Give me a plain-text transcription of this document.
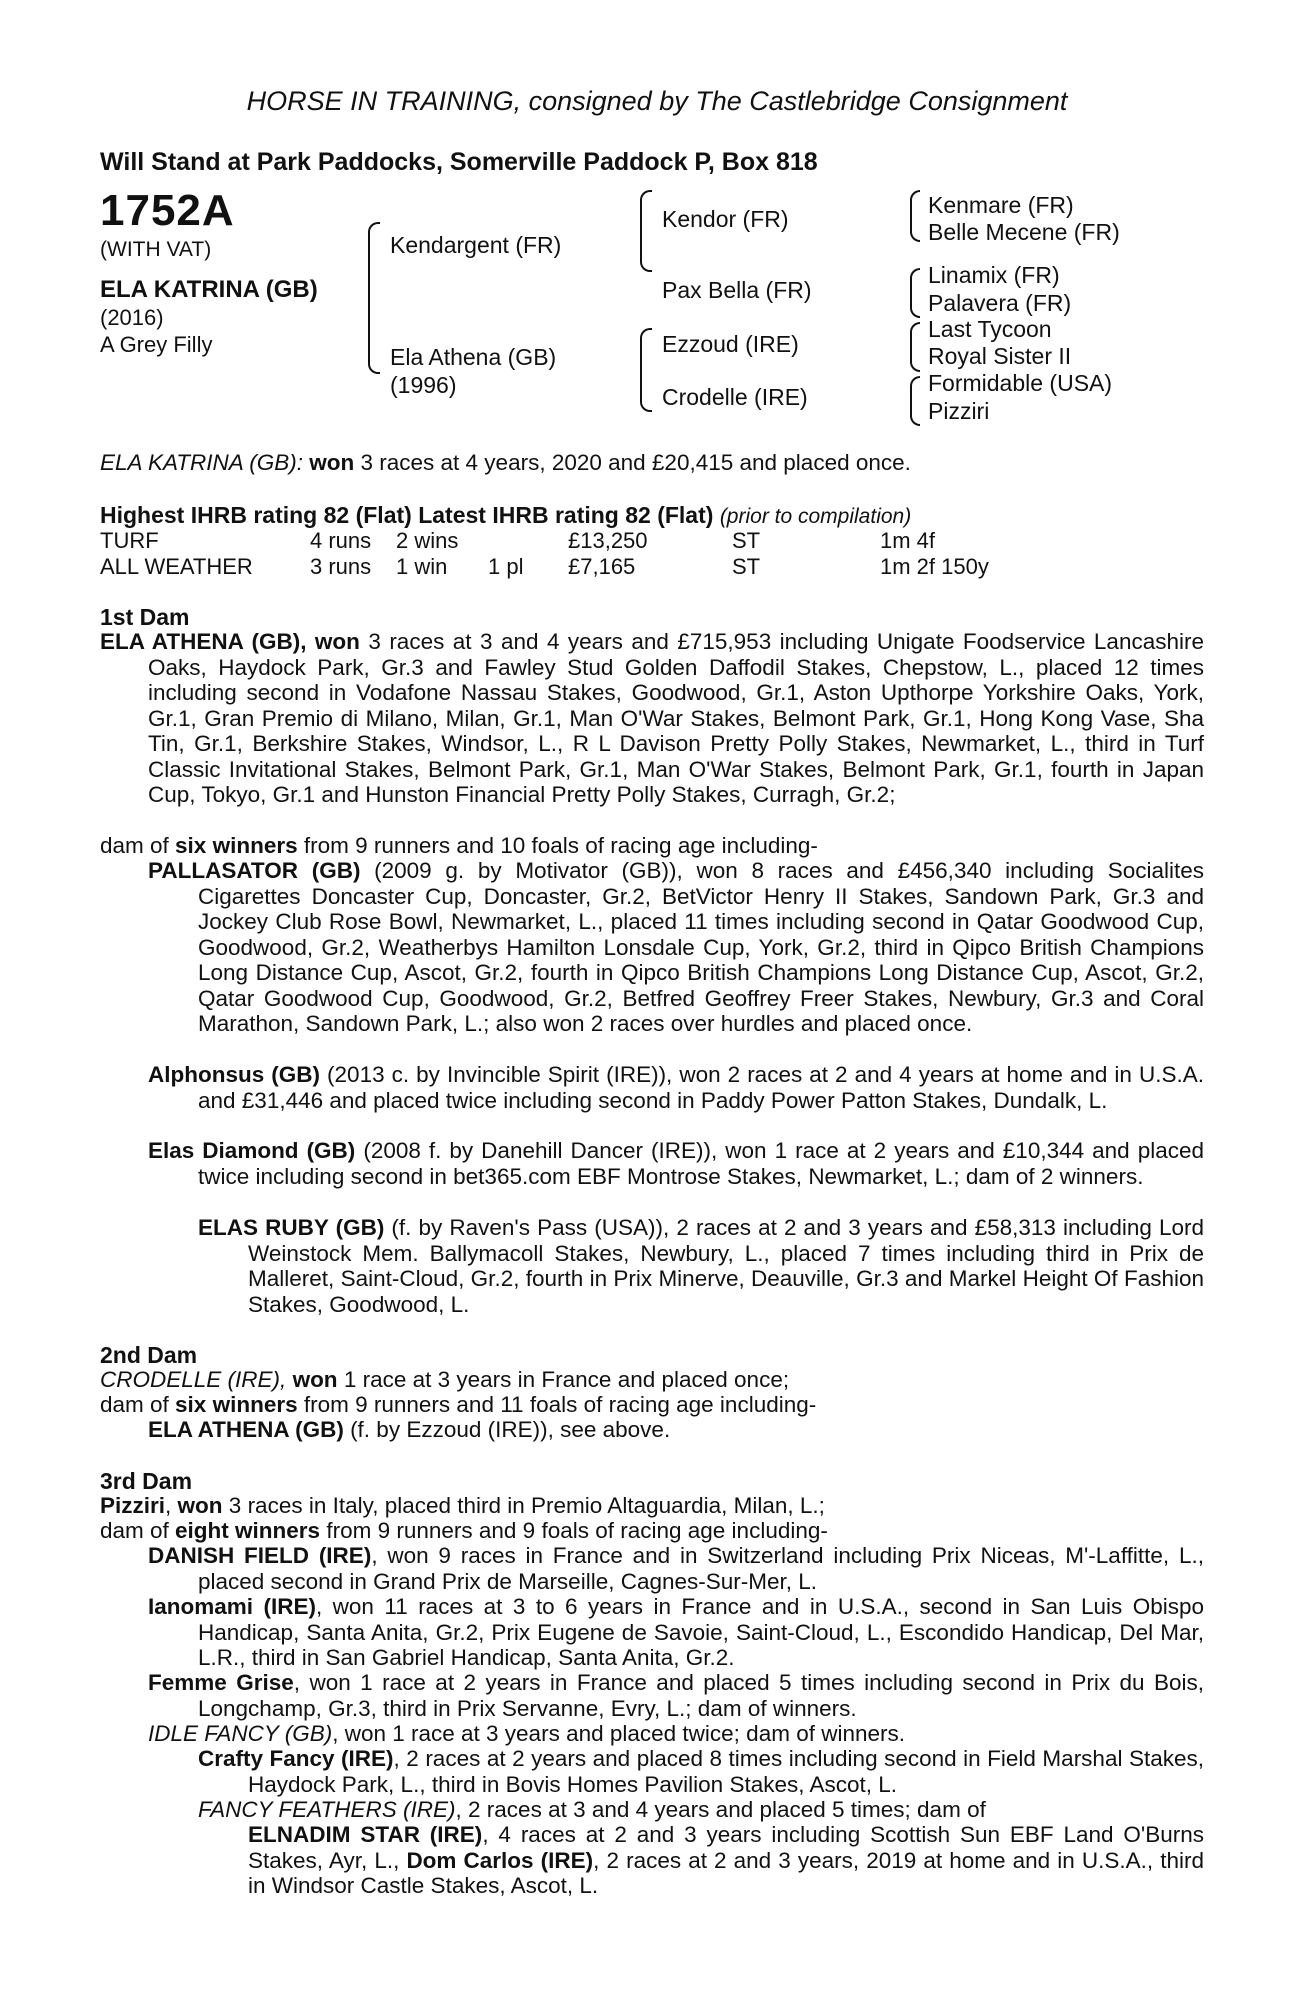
HORSE IN TRAINING, consigned by The Castlebridge Consignment
Will Stand at Park Paddocks, Somerville Paddock P, Box 818
1752A
(WITH VAT)
ELA KATRINA (GB)
(2016)
A Grey Filly
Kendargent (FR)
Ela Athena (GB)
(1996)
Kendor (FR)
Pax Bella (FR)
Ezzoud (IRE)
Crodelle (IRE)
Kenmare (FR)
Belle Mecene (FR)
Linamix (FR)
Palavera (FR)
Last Tycoon
Royal Sister II
Formidable (USA)
Pizziri
ELA KATRINA (GB): won 3 races at 4 years, 2020 and £20,415 and placed once.
Highest IHRB rating 82 (Flat) Latest IHRB rating 82 (Flat) (prior to compilation)
TURF	4 runs 2 wins	£13,250	ST	1m 4f
ALL WEATHER	3 runs 1 win 1 pl £7,165	ST	1m 2f 150y
1st Dam
ELA ATHENA (GB), won 3 races at 3 and 4 years and £715,953 including Unigate Foodservice Lancashire Oaks, Haydock Park, Gr.3 and Fawley Stud Golden Daffodil Stakes, Chepstow, L., placed 12 times including second in Vodafone Nassau Stakes, Goodwood, Gr.1, Aston Upthorpe Yorkshire Oaks, York, Gr.1, Gran Premio di Milano, Milan, Gr.1, Man O'War Stakes, Belmont Park, Gr.1, Hong Kong Vase, Sha Tin, Gr.1, Berkshire Stakes, Windsor, L., R L Davison Pretty Polly Stakes, Newmarket, L., third in Turf Classic Invitational Stakes, Belmont Park, Gr.1, Man O'War Stakes, Belmont Park, Gr.1, fourth in Japan Cup, Tokyo, Gr.1 and Hunston Financial Pretty Polly Stakes, Curragh, Gr.2;
dam of six winners from 9 runners and 10 foals of racing age including-
PALLASATOR (GB) (2009 g. by Motivator (GB)), won 8 races and £456,340 including Socialites Cigarettes Doncaster Cup, Doncaster, Gr.2, BetVictor Henry II Stakes, Sandown Park, Gr.3 and Jockey Club Rose Bowl, Newmarket, L., placed 11 times including second in Qatar Goodwood Cup, Goodwood, Gr.2, Weatherbys Hamilton Lonsdale Cup, York, Gr.2, third in Qipco British Champions Long Distance Cup, Ascot, Gr.2, fourth in Qipco British Champions Long Distance Cup, Ascot, Gr.2, Qatar Goodwood Cup, Goodwood, Gr.2, Betfred Geoffrey Freer Stakes, Newbury, Gr.3 and Coral Marathon, Sandown Park, L.; also won 2 races over hurdles and placed once.
Alphonsus (GB) (2013 c. by Invincible Spirit (IRE)), won 2 races at 2 and 4 years at home and in U.S.A. and £31,446 and placed twice including second in Paddy Power Patton Stakes, Dundalk, L.
Elas Diamond (GB) (2008 f. by Danehill Dancer (IRE)), won 1 race at 2 years and £10,344 and placed twice including second in bet365.com EBF Montrose Stakes, Newmarket, L.; dam of 2 winners.
ELAS RUBY (GB) (f. by Raven's Pass (USA)), 2 races at 2 and 3 years and £58,313 including Lord Weinstock Mem. Ballymacoll Stakes, Newbury, L., placed 7 times including third in Prix de Malleret, Saint-Cloud, Gr.2, fourth in Prix Minerve, Deauville, Gr.3 and Markel Height Of Fashion Stakes, Goodwood, L.
2nd Dam
CRODELLE (IRE), won 1 race at 3 years in France and placed once;
dam of six winners from 9 runners and 11 foals of racing age including-
ELA ATHENA (GB) (f. by Ezzoud (IRE)), see above.
3rd Dam
Pizziri, won 3 races in Italy, placed third in Premio Altaguardia, Milan, L.;
dam of eight winners from 9 runners and 9 foals of racing age including-
DANISH FIELD (IRE), won 9 races in France and in Switzerland including Prix Niceas, M'-Laffitte, L., placed second in Grand Prix de Marseille, Cagnes-Sur-Mer, L.
Ianomami (IRE), won 11 races at 3 to 6 years in France and in U.S.A., second in San Luis Obispo Handicap, Santa Anita, Gr.2, Prix Eugene de Savoie, Saint-Cloud, L., Escondido Handicap, Del Mar, L.R., third in San Gabriel Handicap, Santa Anita, Gr.2.
Femme Grise, won 1 race at 2 years in France and placed 5 times including second in Prix du Bois, Longchamp, Gr.3, third in Prix Servanne, Evry, L.; dam of winners.
IDLE FANCY (GB), won 1 race at 3 years and placed twice; dam of winners.
Crafty Fancy (IRE), 2 races at 2 years and placed 8 times including second in Field Marshal Stakes, Haydock Park, L., third in Bovis Homes Pavilion Stakes, Ascot, L.
FANCY FEATHERS (IRE), 2 races at 3 and 4 years and placed 5 times; dam of
ELNADIM STAR (IRE), 4 races at 2 and 3 years including Scottish Sun EBF Land O'Burns Stakes, Ayr, L., Dom Carlos (IRE), 2 races at 2 and 3 years, 2019 at home and in U.S.A., third in Windsor Castle Stakes, Ascot, L.
